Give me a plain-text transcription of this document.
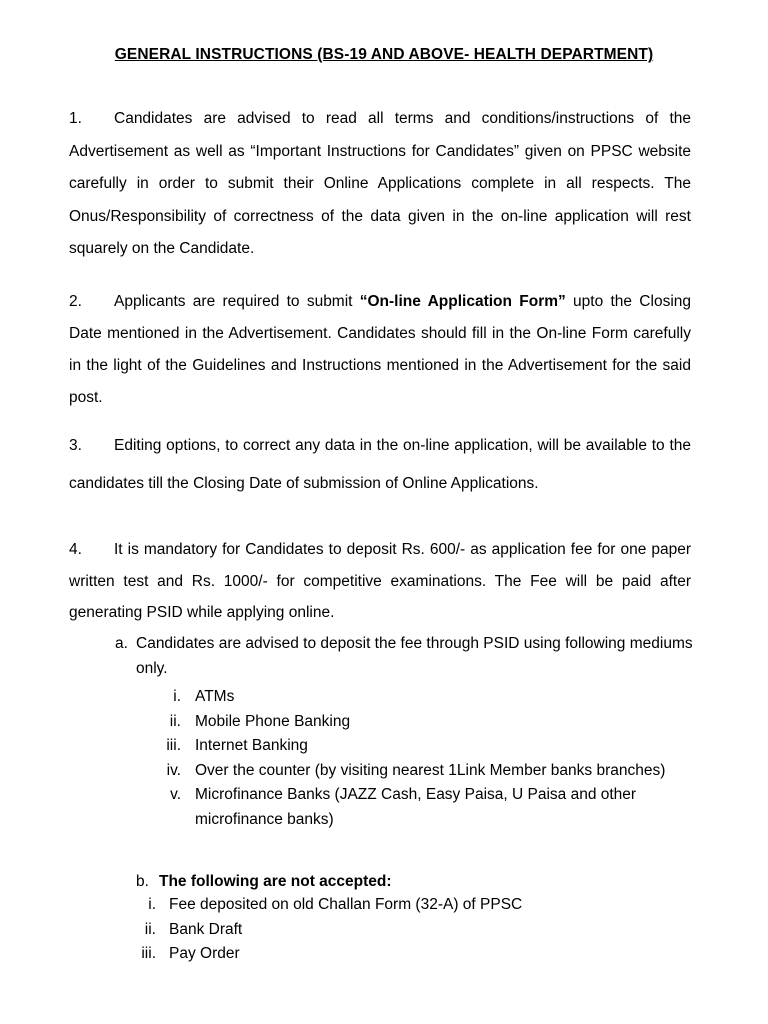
GENERAL INSTRUCTIONS (BS-19 AND ABOVE- HEALTH DEPARTMENT)
1. Candidates are advised to read all terms and conditions/instructions of the Advertisement as well as “Important Instructions for Candidates” given on PPSC website carefully in order to submit their Online Applications complete in all respects. The Onus/Responsibility of correctness of the data given in the on-line application will rest squarely on the Candidate.
2. Applicants are required to submit “On-line Application Form” upto the Closing Date mentioned in the Advertisement. Candidates should fill in the On-line Form carefully in the light of the Guidelines and Instructions mentioned in the Advertisement for the said post.
3. Editing options, to correct any data in the on-line application, will be available to the candidates till the Closing Date of submission of Online Applications.
4. It is mandatory for Candidates to deposit Rs. 600/- as application fee for one paper written test and Rs. 1000/- for competitive examinations. The Fee will be paid after generating PSID while applying online.
a. Candidates are advised to deposit the fee through PSID using following mediums only.
i. ATMs
ii. Mobile Phone Banking
iii. Internet Banking
iv. Over the counter (by visiting nearest 1Link Member banks branches)
v. Microfinance Banks (JAZZ Cash, Easy Paisa, U Paisa and other microfinance banks)
b. The following are not accepted:
i. Fee deposited on old Challan Form (32-A) of PPSC
ii. Bank Draft
iii. Pay Order
